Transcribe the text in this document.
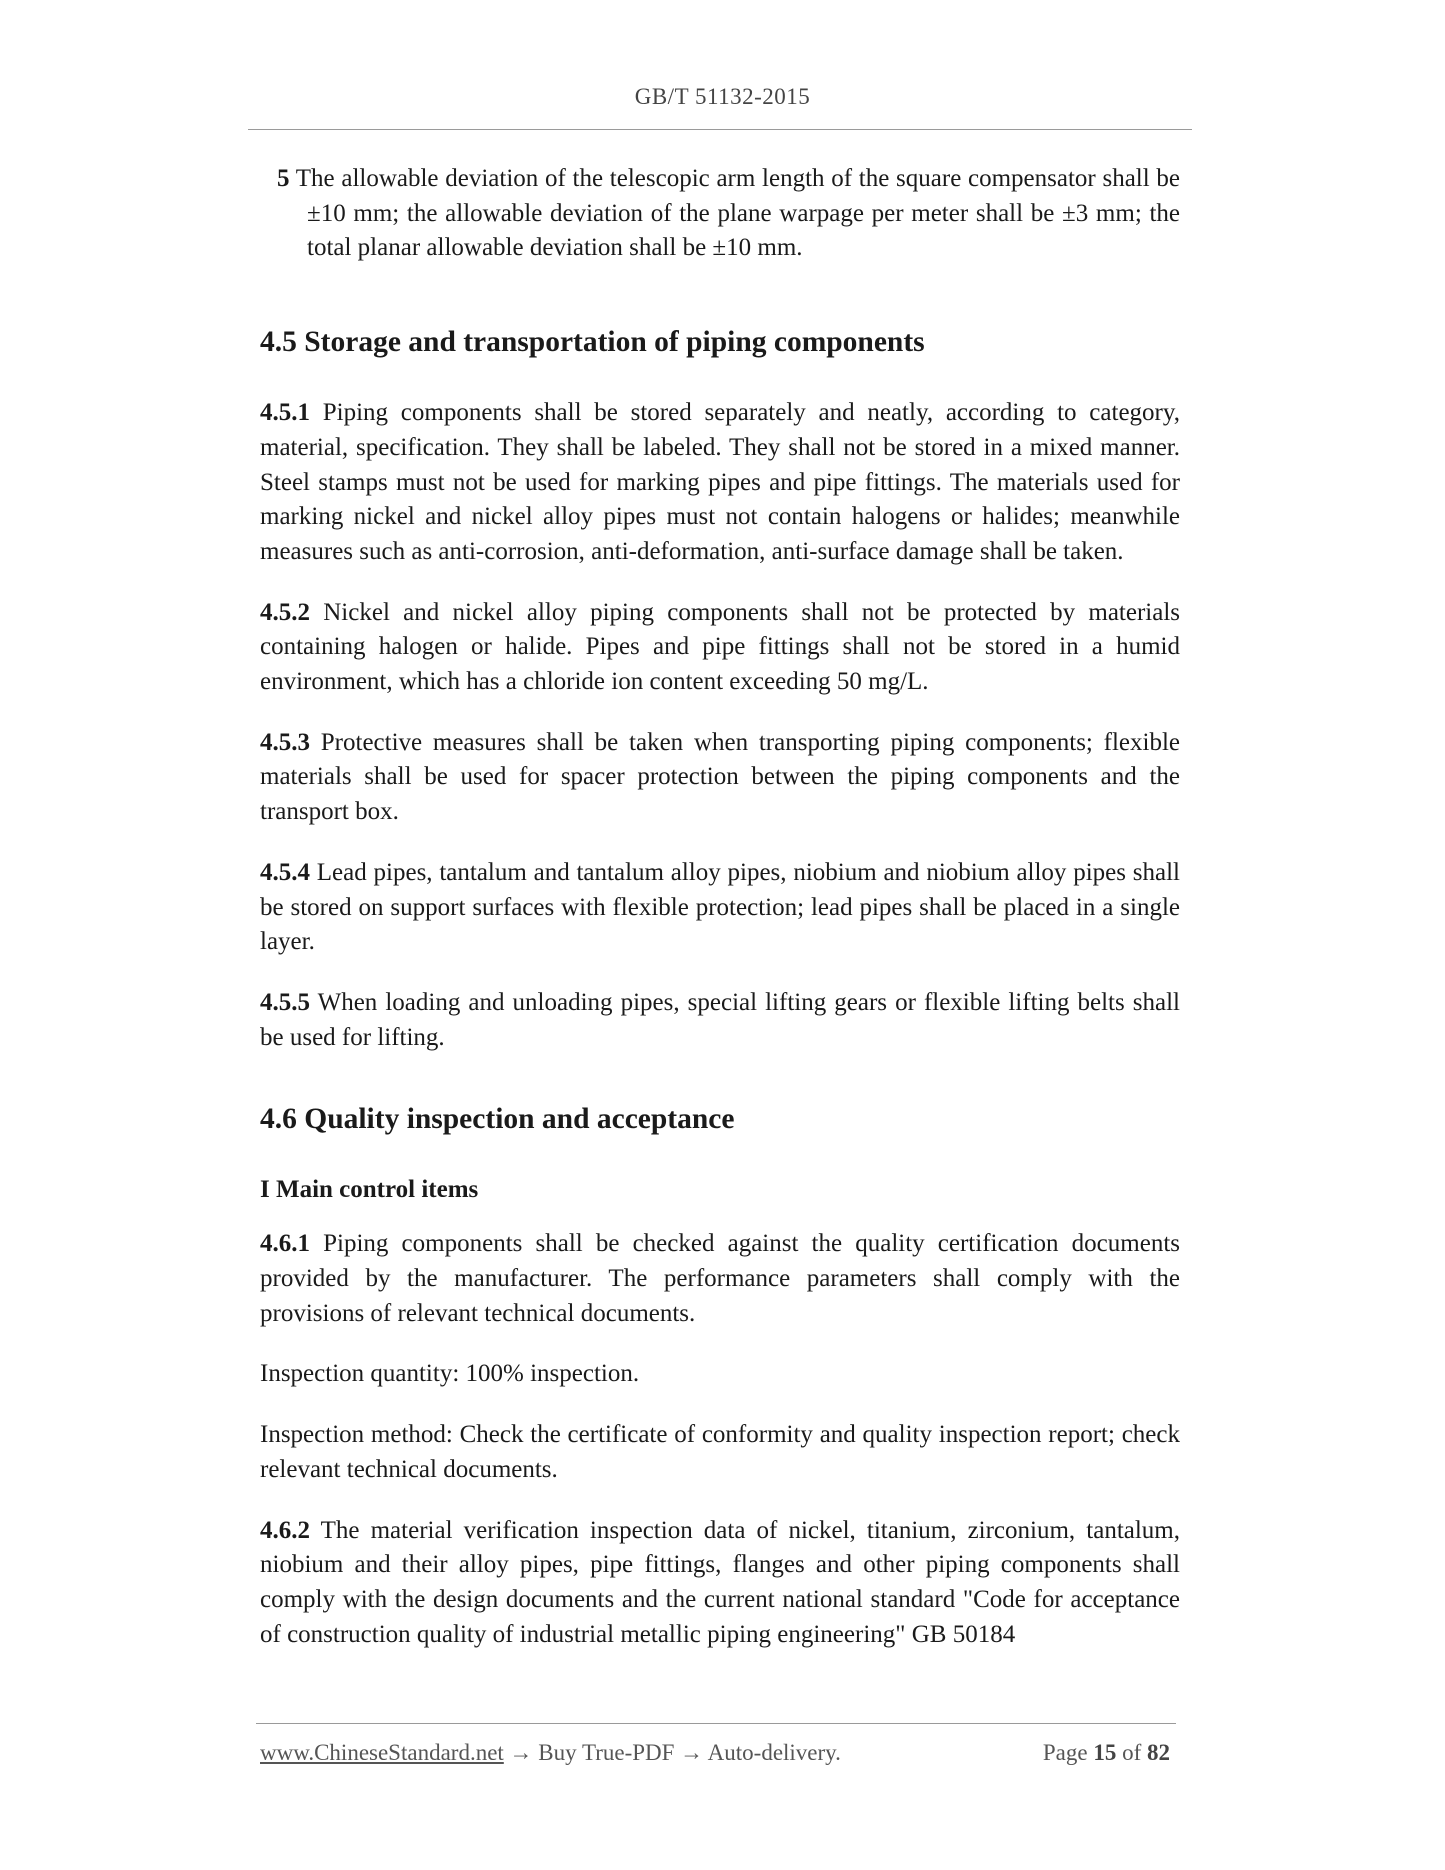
GB/T 51132-2015

5 The allowable deviation of the telescopic arm length of the square compensator shall be ±10 mm; the allowable deviation of the plane warpage per meter shall be ±3 mm; the total planar allowable deviation shall be ±10 mm.

4.5 Storage and transportation of piping components

4.5.1 Piping components shall be stored separately and neatly, according to category, material, specification. They shall be labeled. They shall not be stored in a mixed manner. Steel stamps must not be used for marking pipes and pipe fittings. The materials used for marking nickel and nickel alloy pipes must not contain halogens or halides; meanwhile measures such as anti-corrosion, anti-deformation, anti-surface damage shall be taken.

4.5.2 Nickel and nickel alloy piping components shall not be protected by materials containing halogen or halide. Pipes and pipe fittings shall not be stored in a humid environment, which has a chloride ion content exceeding 50 mg/L.

4.5.3 Protective measures shall be taken when transporting piping components; flexible materials shall be used for spacer protection between the piping components and the transport box.

4.5.4 Lead pipes, tantalum and tantalum alloy pipes, niobium and niobium alloy pipes shall be stored on support surfaces with flexible protection; lead pipes shall be placed in a single layer.

4.5.5 When loading and unloading pipes, special lifting gears or flexible lifting belts shall be used for lifting.

4.6 Quality inspection and acceptance
I Main control items

4.6.1 Piping components shall be checked against the quality certification documents provided by the manufacturer. The performance parameters shall comply with the provisions of relevant technical documents.

Inspection quantity: 100% inspection.

Inspection method: Check the certificate of conformity and quality inspection report; check relevant technical documents.

4.6.2 The material verification inspection data of nickel, titanium, zirconium, tantalum, niobium and their alloy pipes, pipe fittings, flanges and other piping components shall comply with the design documents and the current national standard "Code for acceptance of construction quality of industrial metallic piping engineering" GB 50184

www.ChineseStandard.net → Buy True-PDF → Auto-delivery.	Page 15 of 82
